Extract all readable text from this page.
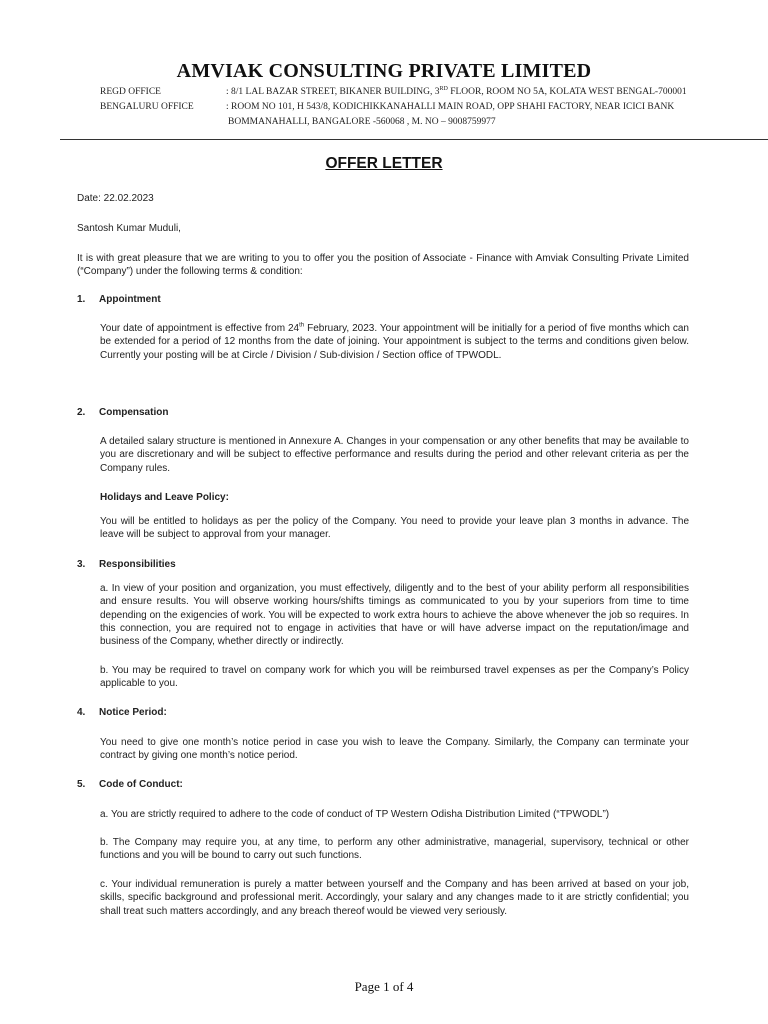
AMVIAK CONSULTING PRIVATE LIMITED
REGD OFFICE	: 8/1 LAL BAZAR STREET, BIKANER BUILDING, 3RD FLOOR, ROOM NO 5A, KOLATA WEST BENGAL-700001
BENGALURU OFFICE	: ROOM NO 101, H 543/8, KODICHIKKANAHALLI MAIN ROAD, OPP SHAHI FACTORY, NEAR ICICI BANK
BOMMANAHALLI, BANGALORE -560068 , M. NO – 9008759977
OFFER LETTER
Date: 22.02.2023
Santosh Kumar Muduli,
It is with great pleasure that we are writing to you to offer you the position of Associate - Finance with Amviak Consulting Private Limited (“Company”) under the following terms & condition:
1. Appointment
Your date of appointment is effective from 24th February, 2023. Your appointment will be initially for a period of five months which can be extended for a period of 12 months from the date of joining. Your appointment is subject to the terms and conditions given below. Currently your posting will be at Circle / Division / Sub-division / Section office of TPWODL.
2. Compensation
A detailed salary structure is mentioned in Annexure A. Changes in your compensation or any other benefits that may be available to you are discretionary and will be subject to effective performance and results during the period and other relevant criteria as per the Company rules.
Holidays and Leave Policy:
You will be entitled to holidays as per the policy of the Company. You need to provide your leave plan 3 months in advance. The leave will be subject to approval from your manager.
3. Responsibilities
a. In view of your position and organization, you must effectively, diligently and to the best of your ability perform all responsibilities and ensure results. You will observe working hours/shifts timings as communicated to you by your superiors from time to time depending on the exigencies of work. You will be expected to work extra hours to achieve the above whenever the job so requires. In this connection, you are required not to engage in activities that have or will have adverse impact on the reputation/image and business of the Company, whether directly or indirectly.
b. You may be required to travel on company work for which you will be reimbursed travel expenses as per the Company’s Policy applicable to you.
4. Notice Period:
You need to give one month’s notice period in case you wish to leave the Company. Similarly, the Company can terminate your contract by giving one month’s notice period.
5. Code of Conduct:
a. You are strictly required to adhere to the code of conduct of TP Western Odisha Distribution Limited (“TPWODL”)
b. The Company may require you, at any time, to perform any other administrative, managerial, supervisory, technical or other functions and you will be bound to carry out such functions.
c. Your individual remuneration is purely a matter between yourself and the Company and has been arrived at based on your job, skills, specific background and professional merit. Accordingly, your salary and any changes made to it are strictly confidential; you shall treat such matters accordingly, and any breach thereof would be viewed very seriously.
Page 1 of 4
